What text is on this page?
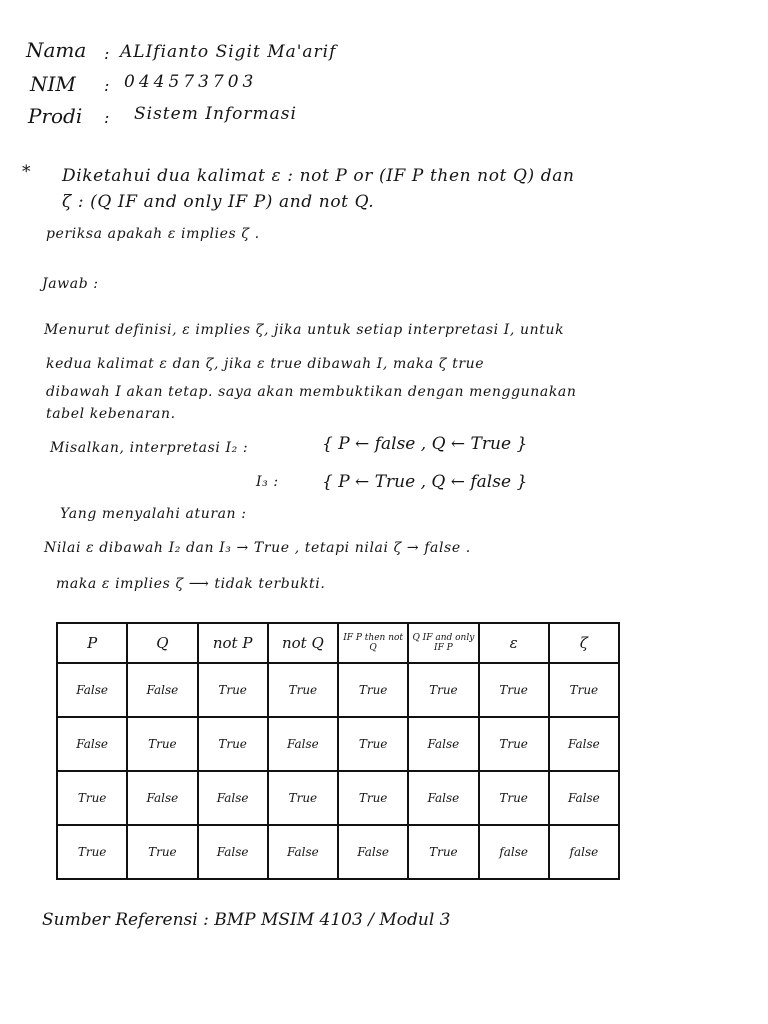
Nama : ALIfianto Sigit Ma'arif
NIM : 044573703
Prodi : Sistem Informasi
* Diketahui dua kalimat ε : not P or (IF P then not Q) dan
ζ : (Q IF and only IF P) and not Q.
periksa apakah ε implies ζ .
Jawab :
Menurut definisi, ε implies ζ, jika untuk setiap interpretasi I, untuk
kedua kalimat ε dan ζ, jika ε true dibawah I, maka ζ true
dibawah I akan tetap. saya akan membuktikan dengan menggunakan
tabel kebenaran.
Misalkan, interpretasi I₂ :	{ P ← false , Q ← True }
I₃ :	{ P ← True , Q ← false }
Yang menyalahi aturan :
Nilai ε dibawah I₂ dan I₃ → True , tetapi nilai ζ → false .
maka ε implies ζ ⟶ tidak terbukti.
P	Q	not P	not Q	IF P then not Q	Q IF and only IF P	ε	ζ
False	False	True	True	True	True	True	True
False	True	True	False	True	False	True	False
True	False	False	True	True	False	True	False
True	True	False	False	False	True	false	false
Sumber Referensi : BMP MSIM 4103 / Modul 3
